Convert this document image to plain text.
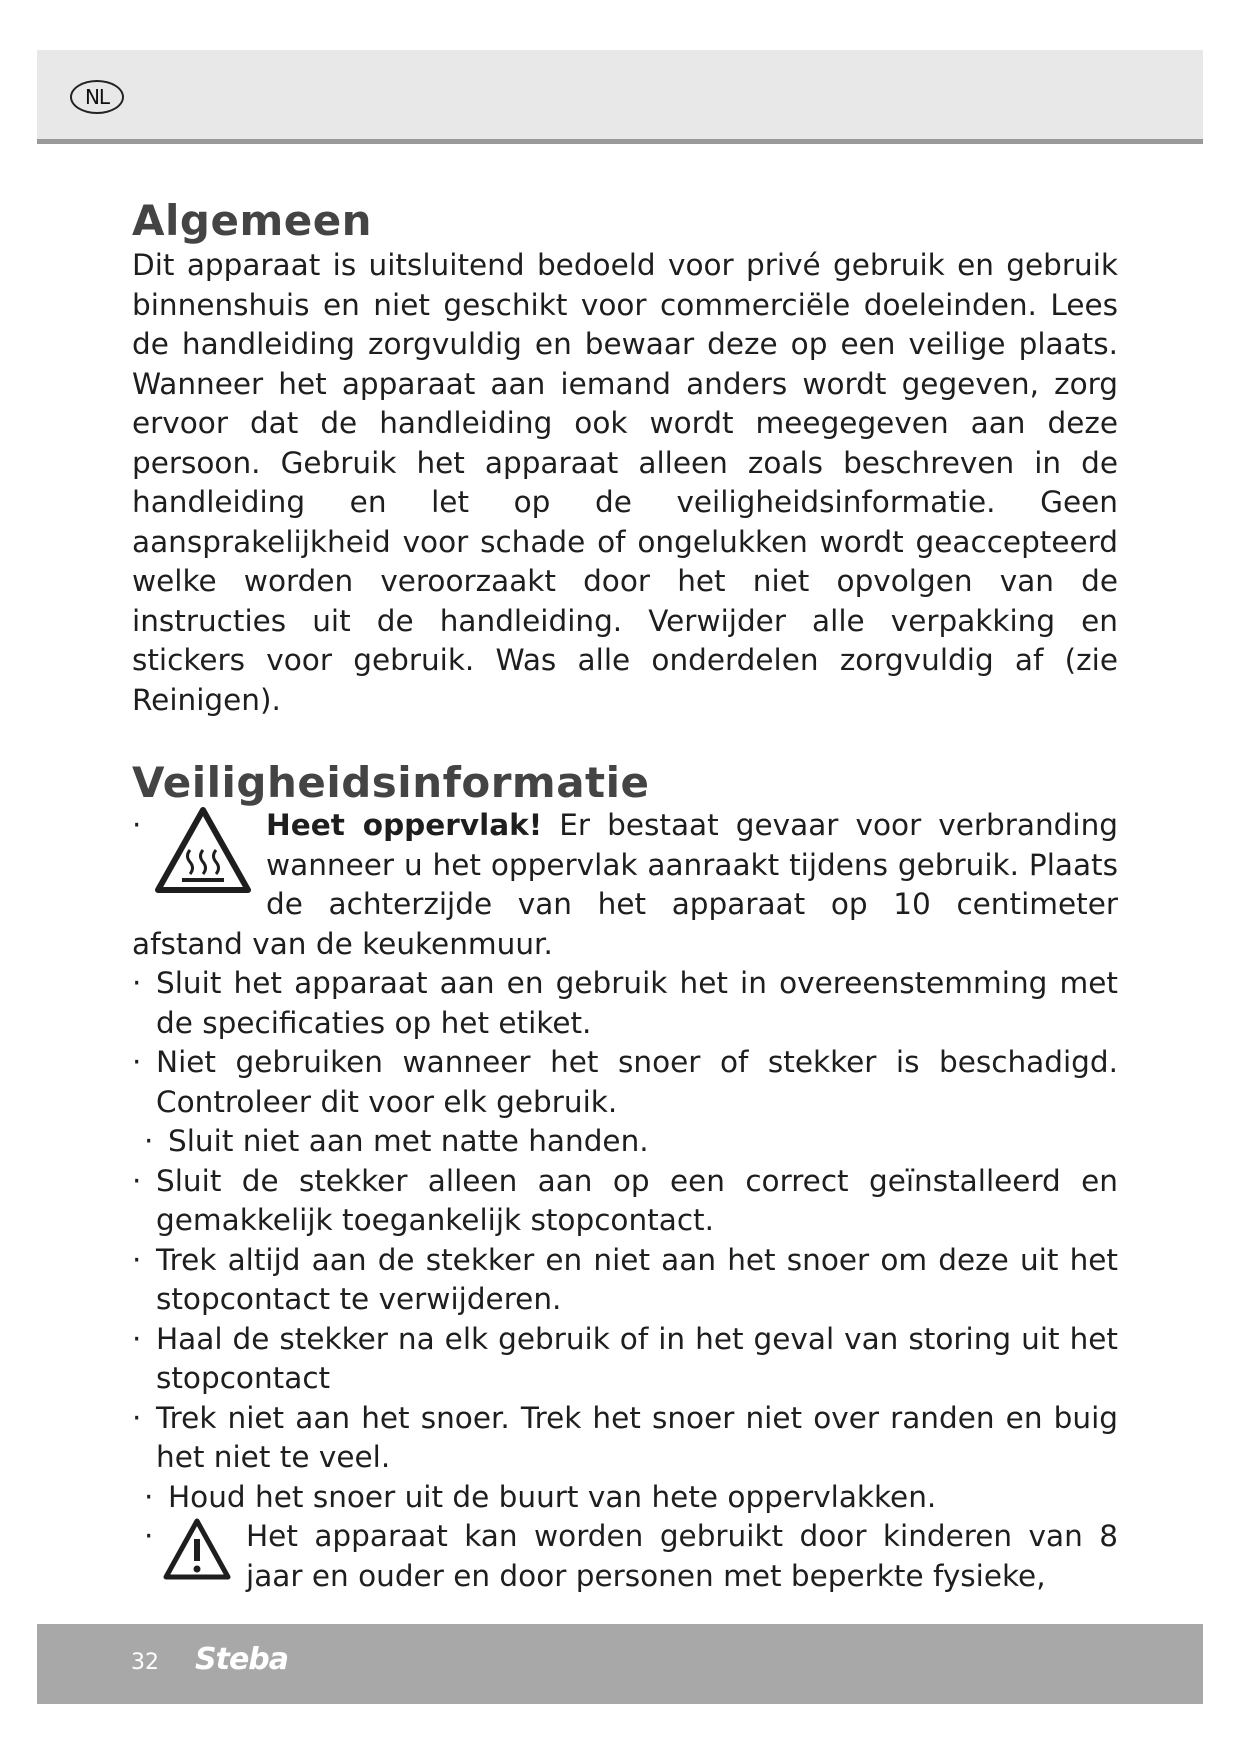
NL
Algemeen

Dit apparaat is uitsluitend bedoeld voor privé gebruik en gebruik binnenshuis en niet geschikt voor commerciële doeleinden. Lees de handleiding zorgvuldig en bewaar deze op een veilige plaats. Wanneer het apparaat aan iemand anders wordt gegeven, zorg ervoor dat de handleiding ook wordt meegegeven aan deze persoon. Gebruik het apparaat alleen zoals beschreven in de handleiding en let op de veiligheidsinformatie. Geen aansprakelijkheid voor schade of ongelukken wordt geaccepteerd welke worden veroorzaakt door het niet opvolgen van de instructies uit de handleiding. Verwijder alle verpakking en stickers voor gebruik. Was alle onderdelen zorgvuldig af (zie Reinigen).

Veiligheidsinformatie
·	Heet oppervlak! Er bestaat gevaar voor verbranding wanneer u het oppervlak aanraakt tijdens gebruik. Plaats de achterzijde van het apparaat op 10 centimeter afstand van de keukenmuur.
· Sluit het apparaat aan en gebruik het in overeenstemming met de specificaties op het etiket.
· Niet gebruiken wanneer het snoer of stekker is beschadigd. Controleer dit voor elk gebruik.
· Sluit niet aan met natte handen.
· Sluit de stekker alleen aan op een correct geïnstalleerd en gemakkelijk toegankelijk stopcontact.
· Trek altijd aan de stekker en niet aan het snoer om deze uit het stopcontact te verwijderen.
· Haal de stekker na elk gebruik of in het geval van storing uit het stopcontact
· Trek niet aan het snoer. Trek het snoer niet over randen en buig het niet te veel.
· Houd het snoer uit de buurt van hete oppervlakken.
·	Het apparaat kan worden gebruikt door kinderen van 8 jaar en ouder en door personen met beperkte fysieke,
32 Steba
